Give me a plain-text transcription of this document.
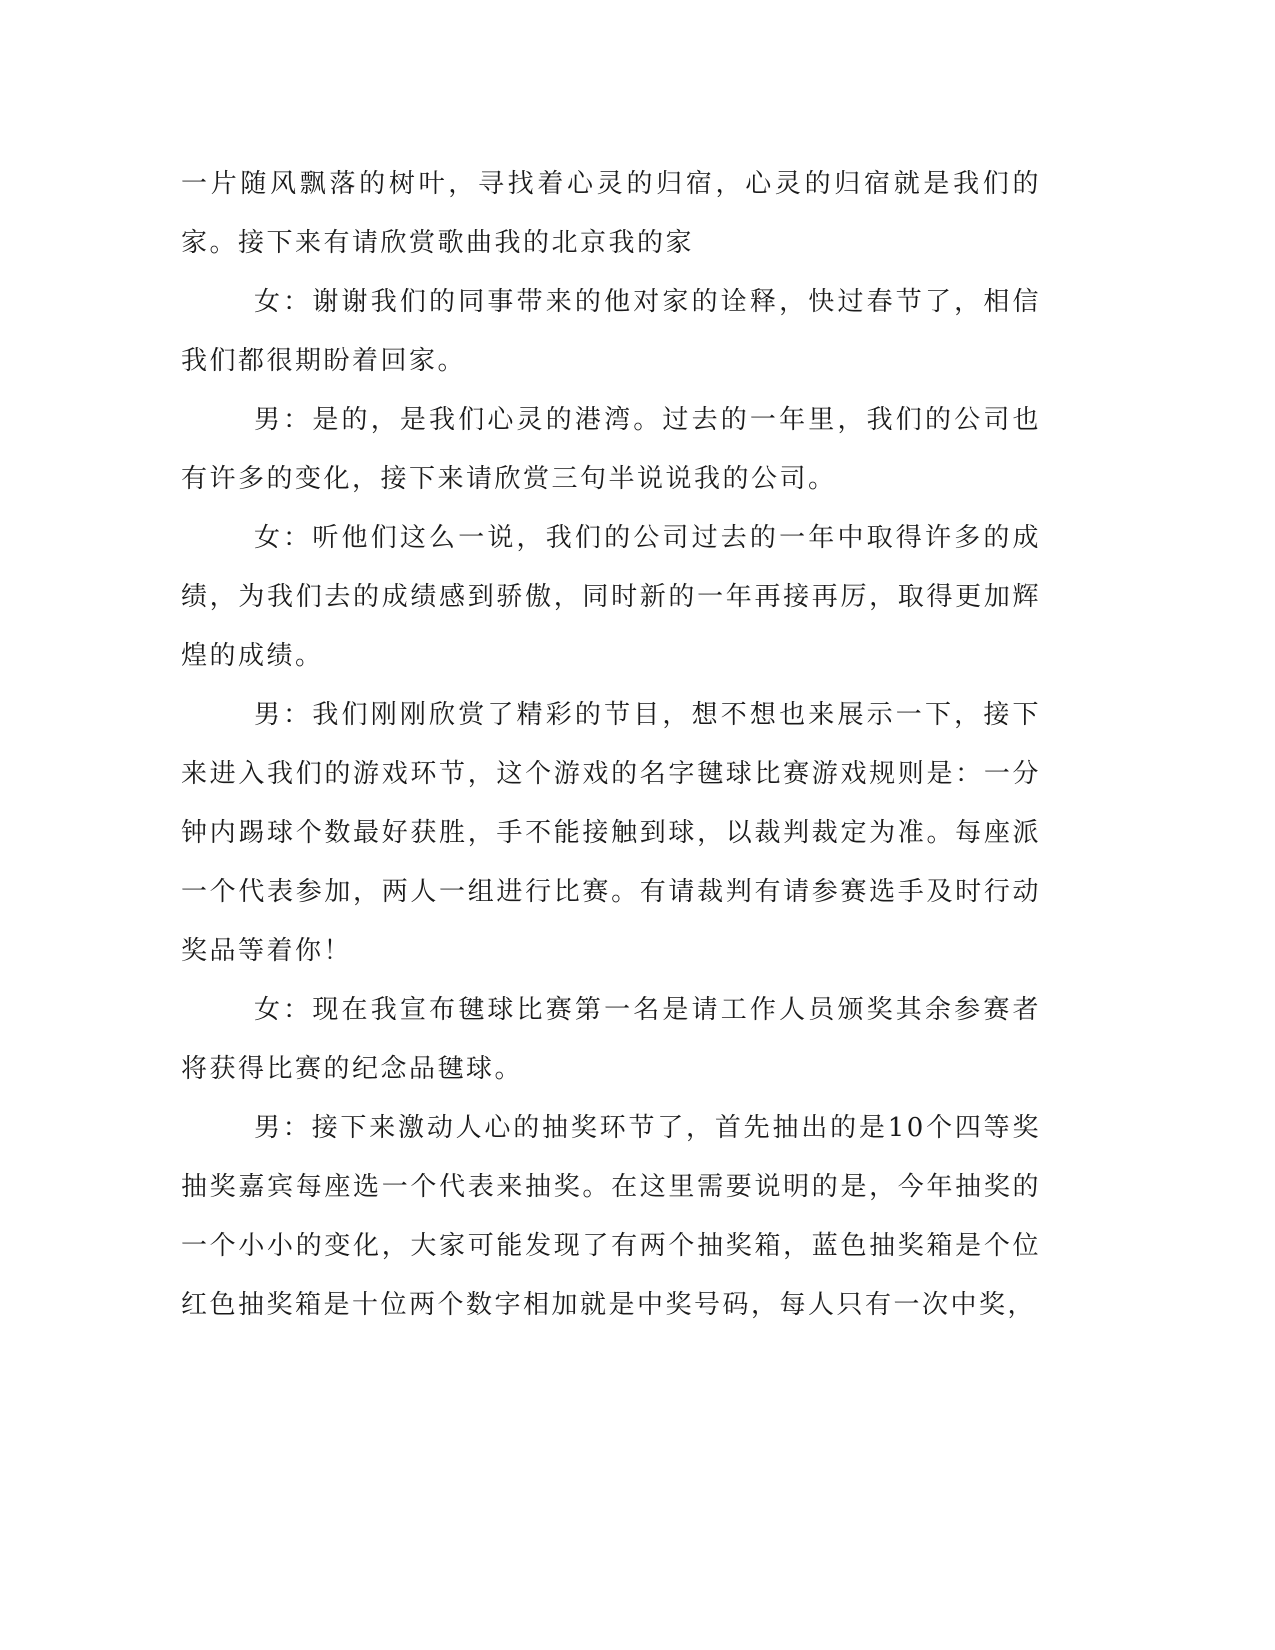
一片随风飘落的树叶，寻找着心灵的归宿，心灵的归宿就是我们的家。接下来有请欣赏歌曲我的北京我的家

女：谢谢我们的同事带来的他对家的诠释，快过春节了，相信我们都很期盼着回家。

男：是的，是我们心灵的港湾。过去的一年里，我们的公司也有许多的变化，接下来请欣赏三句半说说我的公司。

女：听他们这么一说，我们的公司过去的一年中取得许多的成绩，为我们去的成绩感到骄傲，同时新的一年再接再厉，取得更加辉煌的成绩。

男：我们刚刚欣赏了精彩的节目，想不想也来展示一下，接下来进入我们的游戏环节，这个游戏的名字毽球比赛游戏规则是：一分钟内踢球个数最好获胜，手不能接触到球，以裁判裁定为准。每座派一个代表参加，两人一组进行比赛。有请裁判有请参赛选手及时行动奖品等着你！

女：现在我宣布毽球比赛第一名是请工作人员颁奖其余参赛者将获得比赛的纪念品毽球。

男：接下来激动人心的抽奖环节了，首先抽出的是10个四等奖抽奖嘉宾每座选一个代表来抽奖。在这里需要说明的是，今年抽奖的一个小小的变化，大家可能发现了有两个抽奖箱，蓝色抽奖箱是个位红色抽奖箱是十位两个数字相加就是中奖号码，每人只有一次中奖，
